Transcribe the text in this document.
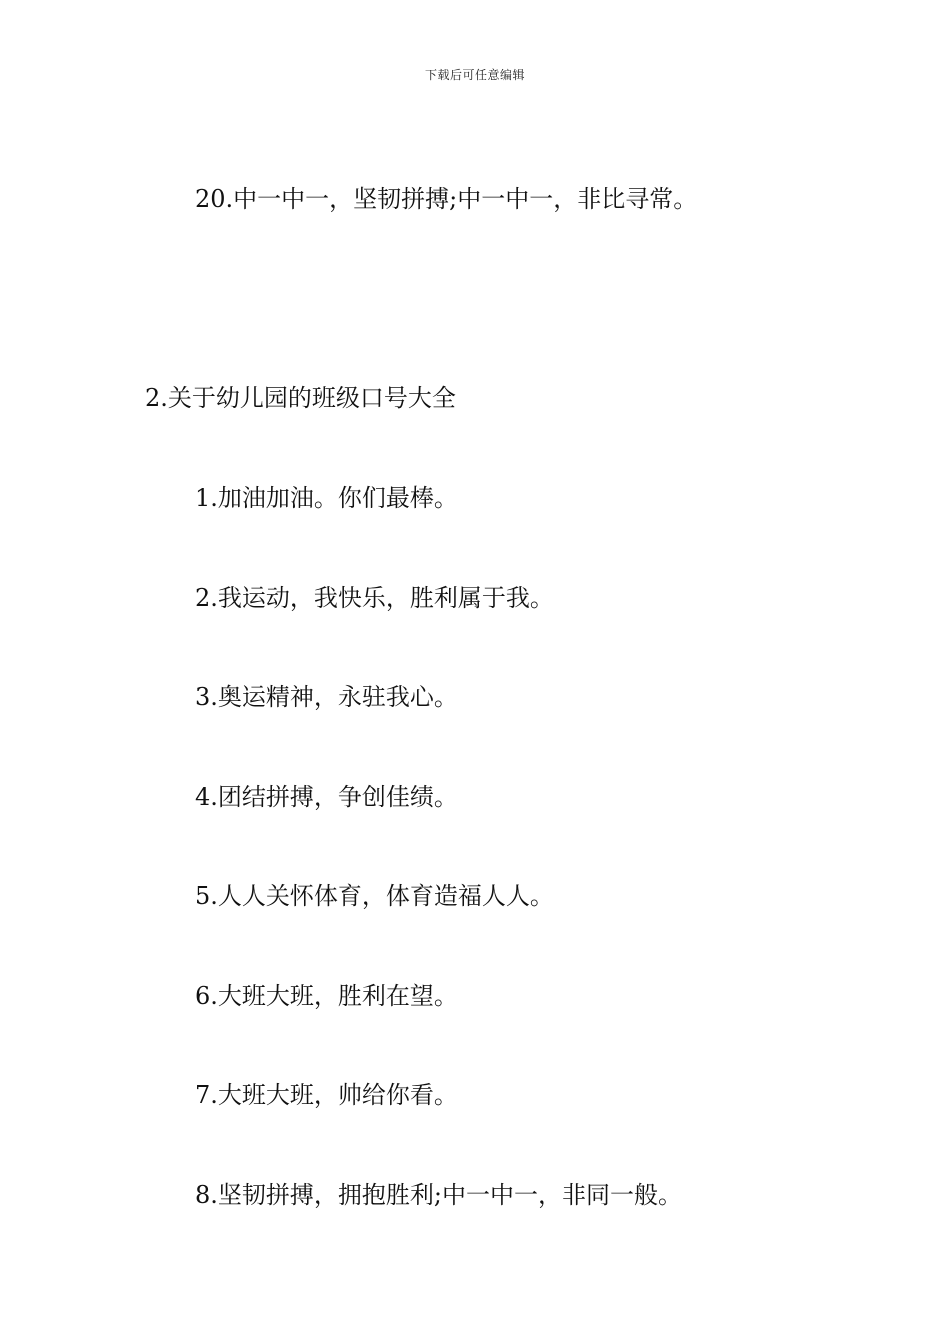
下载后可任意编辑
20.中一中一，坚韧拼搏;中一中一，非比寻常。
2.关于幼儿园的班级口号大全
1.加油加油。你们最棒。
2.我运动，我快乐，胜利属于我。
3.奥运精神，永驻我心。
4.团结拼搏，争创佳绩。
5.人人关怀体育，体育造福人人。
6.大班大班，胜利在望。
7.大班大班，帅给你看。
8.坚韧拼搏，拥抱胜利;中一中一，非同一般。
